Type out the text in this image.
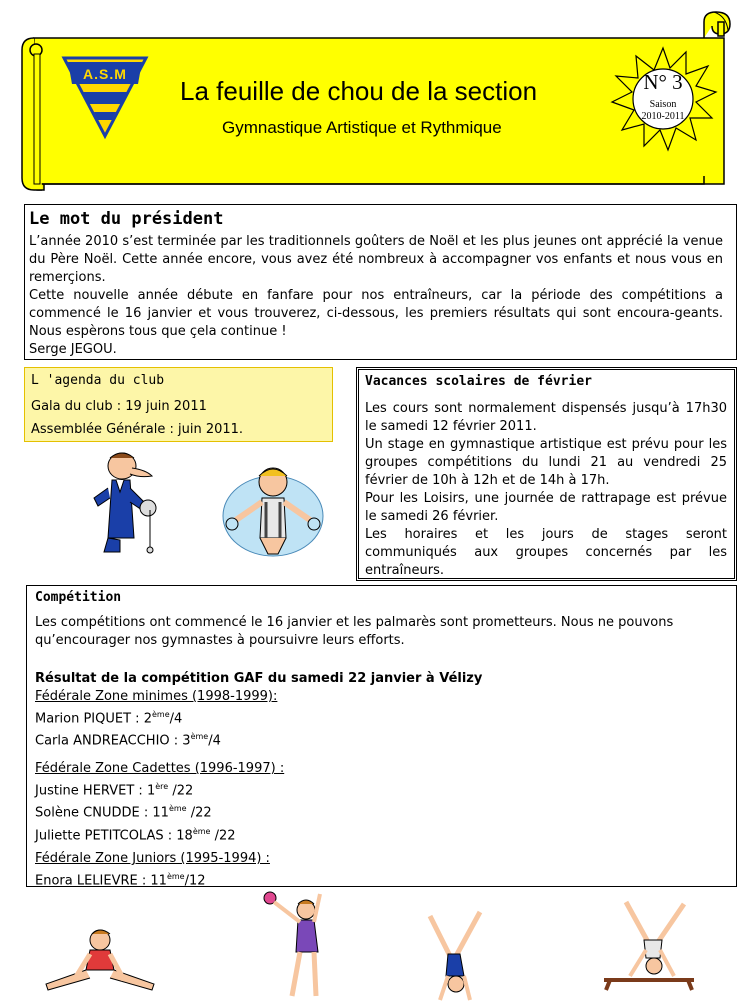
A.S.M
La feuille de chou de la section
Gymnastique Artistique et Rythmique
N° 3
Saison
2010-2011
Le mot du président
L’année 2010 s’est terminée par les traditionnels goûters de Noël et les plus jeunes ont apprécié la venue du Père Noël. Cette année encore, vous avez été nombreux à accompagner vos enfants et nous vous en remerçions.
Cette nouvelle année débute en fanfare pour nos entraîneurs, car la période des compétitions a commencé le 16 janvier et vous trouverez, ci-dessous, les premiers résultats qui sont encoura-geants. Nous espèrons tous que çela continue !
Serge JEGOU.
L 'agenda du club
Gala du club : 19 juin 2011
Assemblée Générale : juin 2011.
Vacances scolaires de février
Les cours sont normalement dispensés jusqu’à 17h30 le samedi 12 février 2011.
Un stage en gymnastique artistique est prévu pour les groupes compétitions du lundi 21 au vendredi 25 février de 10h à 12h et de 14h à 17h.
Pour les Loisirs, une journée de rattrapage est prévue le samedi 26 février.
Les horaires et les jours de stages seront communiqués aux groupes concernés par les entraîneurs.
Compétition
Les compétitions ont commencé le 16 janvier et les palmarès sont prometteurs. Nous ne pouvons qu’encourager nos gymnastes à poursuivre leurs efforts.
Résultat de la compétition GAF du samedi 22 janvier à Vélizy
Fédérale Zone minimes (1998-1999):
Marion PIQUET : 2ème/4
Carla ANDREACCHIO : 3ème/4
Fédérale Zone Cadettes (1996-1997) :
Justine HERVET : 1ère /22
Solène CNUDDE : 11ème /22
Juliette PETITCOLAS : 18ème /22
Fédérale Zone Juniors (1995-1994) :
Enora LELIEVRE : 11ème/12
